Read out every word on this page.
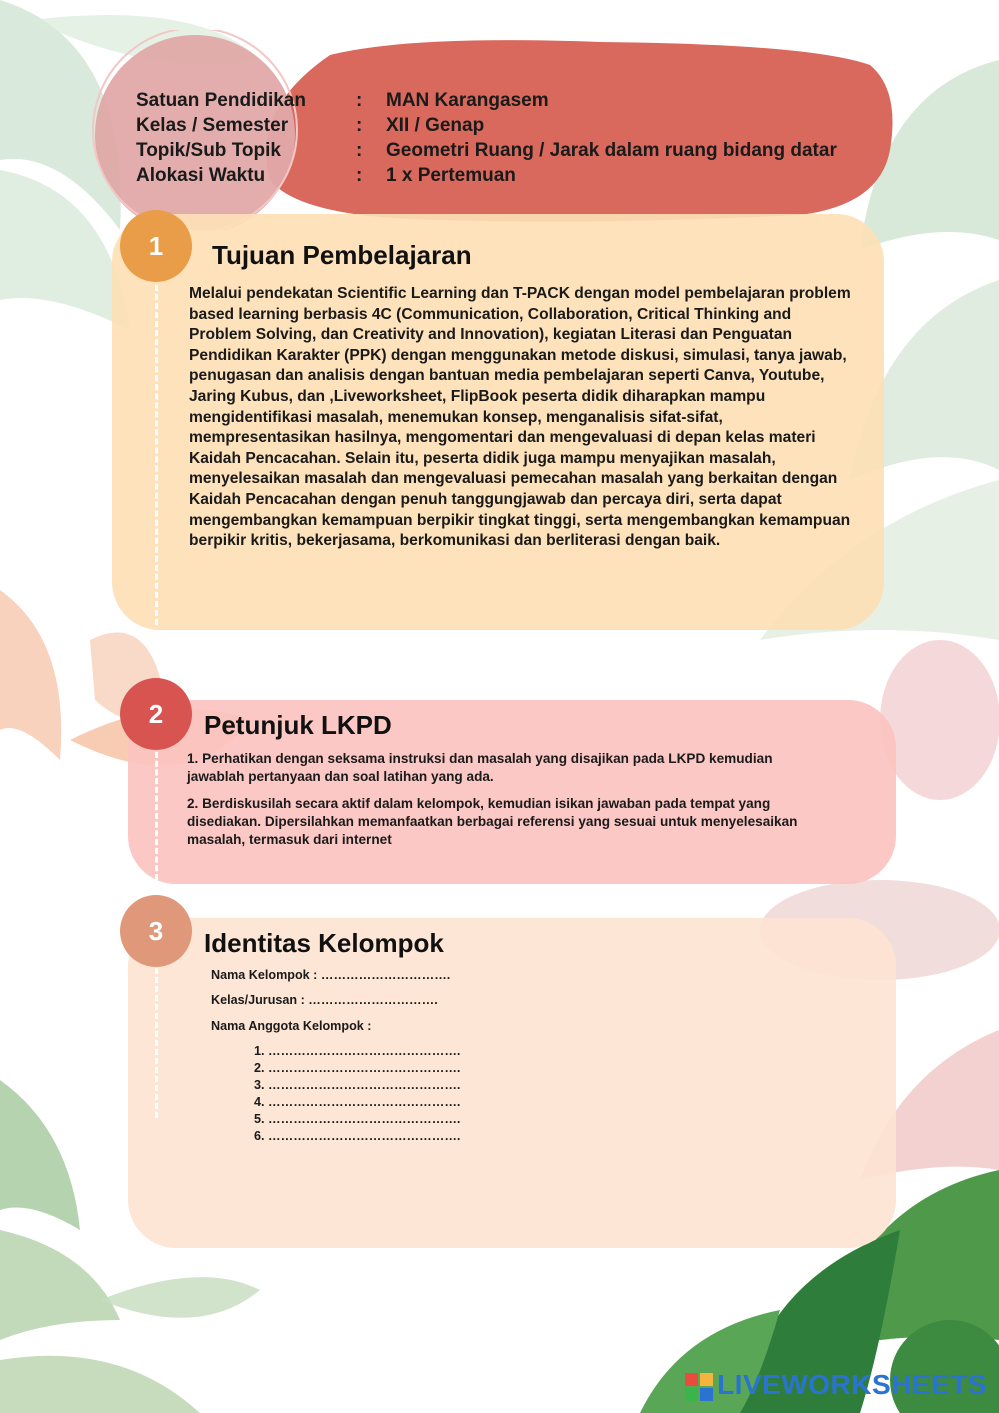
Satuan Pendidikan	: MAN Karangasem
Kelas / Semester	: XII / Genap
Topik/Sub Topik	: Geometri Ruang / Jarak dalam ruang bidang datar
Alokasi Waktu	: 1 x Pertemuan
1	Tujuan Pembelajaran
Melalui pendekatan Scientific Learning dan T-PACK dengan model pembelajaran problem based learning berbasis 4C (Communication, Collaboration, Critical Thinking and Problem Solving, dan Creativity and Innovation), kegiatan Literasi dan Penguatan Pendidikan Karakter (PPK) dengan menggunakan metode diskusi, simulasi, tanya jawab, penugasan dan analisis dengan bantuan media pembelajaran seperti Canva, Youtube, Jaring Kubus, dan ,Liveworksheet, FlipBook peserta didik diharapkan mampu mengidentifikasi masalah, menemukan konsep, menganalisis sifat-sifat, mempresentasikan hasilnya, mengomentari dan mengevaluasi di depan kelas materi Kaidah Pencacahan. Selain itu, peserta didik juga mampu menyajikan masalah, menyelesaikan masalah dan mengevaluasi pemecahan masalah yang berkaitan dengan Kaidah Pencacahan dengan penuh tanggungjawab dan percaya diri, serta dapat mengembangkan kemampuan berpikir tingkat tinggi, serta mengembangkan kemampuan berpikir kritis, bekerjasama, berkomunikasi dan berliterasi dengan baik.
2	Petunjuk LKPD
1. Perhatikan dengan seksama instruksi dan masalah yang disajikan pada LKPD kemudian jawablah pertanyaan dan soal latihan yang ada.
2. Berdiskusilah secara aktif dalam kelompok, kemudian isikan jawaban pada tempat yang disediakan. Dipersilahkan memanfaatkan berbagai referensi yang sesuai untuk menyelesaikan masalah, termasuk dari internet
3	Identitas Kelompok
Nama Kelompok : ………………………….
Kelas/Jurusan : ………………………….
Nama Anggota Kelompok :
1. ……………………………………….
2. ……………………………………….
3. ……………………………………….
4. ……………………………………….
5. ……………………………………….
6. ……………………………………….
LIVEWORKSHEETS
